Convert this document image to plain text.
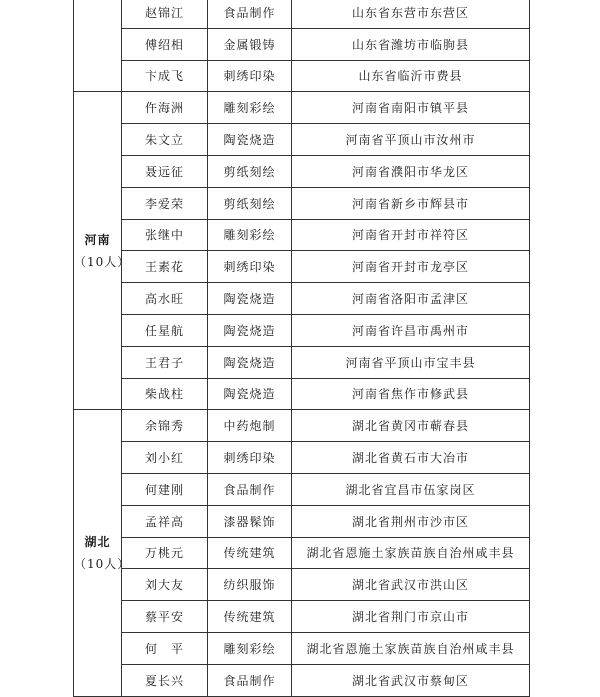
	赵锦江	食品制作	山东省东营市东营区
	傅绍相	金属锻铸	山东省潍坊市临朐县
	卞成飞	刺绣印染	山东省临沂市费县

河南
（10人）	仵海洲	雕刻彩绘	河南省南阳市镇平县
	朱文立	陶瓷烧造	河南省平顶山市汝州市
	聂远征	剪纸刻绘	河南省濮阳市华龙区
	李爱荣	剪纸刻绘	河南省新乡市辉县市
	张继中	雕刻彩绘	河南省开封市祥符区
	王素花	刺绣印染	河南省开封市龙亭区
	高水旺	陶瓷烧造	河南省洛阳市孟津区
	任星航	陶瓷烧造	河南省许昌市禹州市
	王君子	陶瓷烧造	河南省平顶山市宝丰县
	柴战柱	陶瓷烧造	河南省焦作市修武县

湖北
（10人）	余锦秀	中药炮制	湖北省黄冈市蕲春县
	刘小红	刺绣印染	湖北省黄石市大冶市
	何建刚	食品制作	湖北省宜昌市伍家岗区
	孟祥高	漆器髹饰	湖北省荆州市沙市区
	万桃元	传统建筑	湖北省恩施土家族苗族自治州咸丰县
	刘大友	纺织服饰	湖北省武汉市洪山区
	蔡平安	传统建筑	湖北省荆门市京山市
	何　平	雕刻彩绘	湖北省恩施土家族苗族自治州咸丰县
	夏长兴	食品制作	湖北省武汉市蔡甸区
